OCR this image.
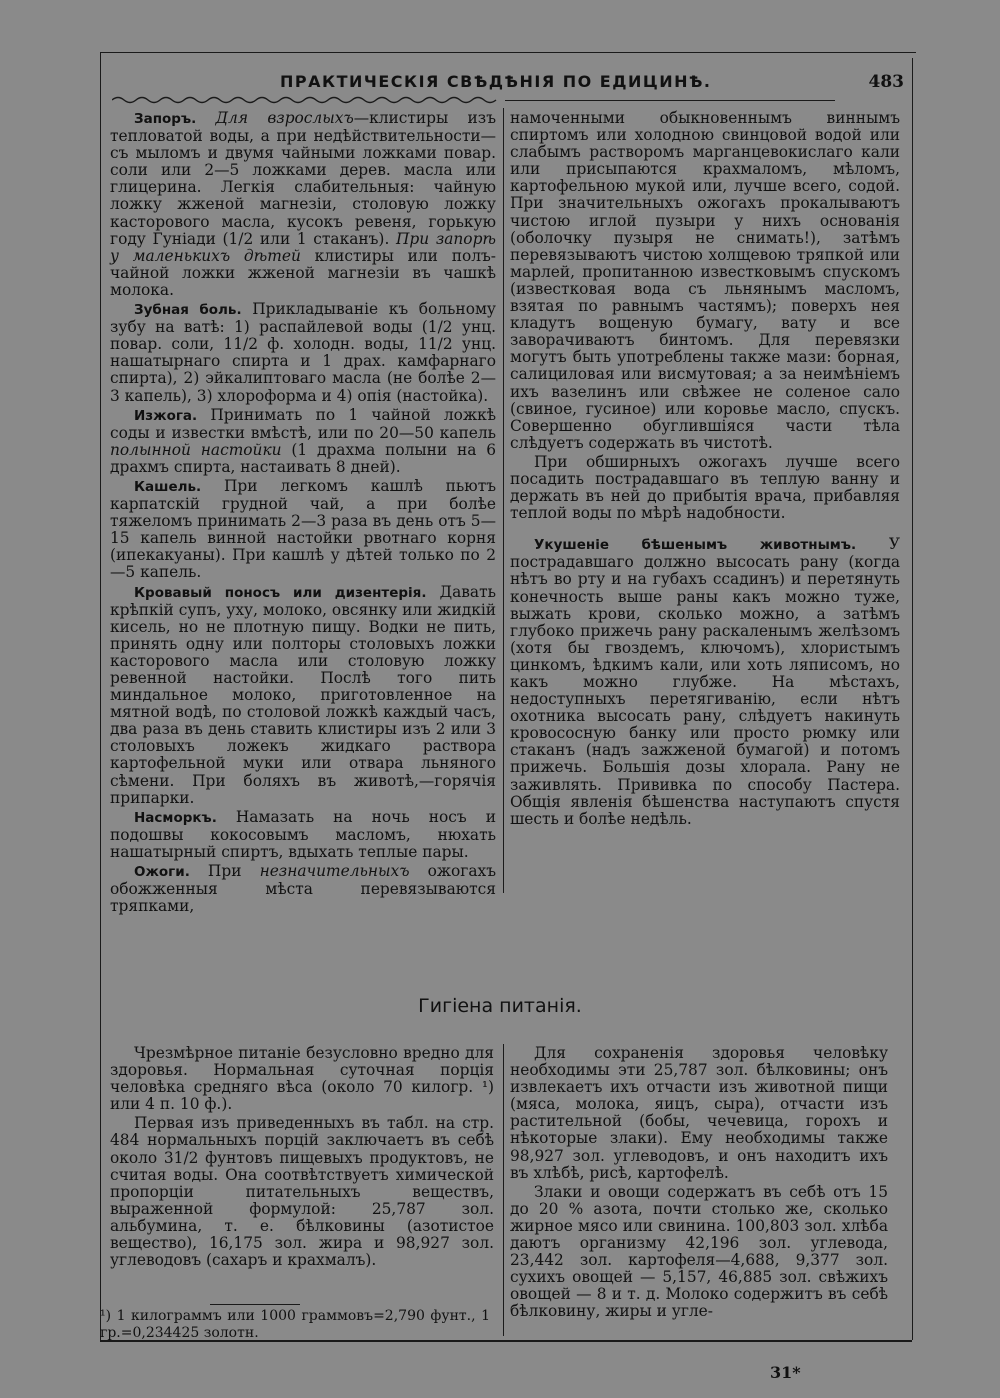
ПРАКТИЧЕСКІЯ СВѢДѢНІЯ ПО ЕДИЦИНѢ.	483

Запоръ. Для взрослыхъ—клистиры изъ тепловатой воды, а при недѣйствительности—съ мыломъ и двумя чайными ложками повар. соли или 2—5 ложками дерев. масла или глицерина. Легкія слабительныя: чайную ложку жженой магнезіи, столовую ложку касторового масла, кусокъ ревеня, горькую году Гуніади (1/2 или 1 стаканъ). При запорѣ у маленькихъ дѣтей клистиры или полъ-чайной ложки жженой магнезіи въ чашкѣ молока.

Зубная боль. Прикладываніе къ больному зубу на ватѣ: 1) распайлевой воды (1/2 унц. повар. соли, 11/2 ф. холодн. воды, 11/2 унц. нашатырнаго спирта и 1 драх. камфарнаго спирта), 2) эйкалиптоваго масла (не болѣе 2—3 капель), 3) хлороформа и 4) опія (настойка).

Изжога. Принимать по 1 чайной ложкѣ соды и известки вмѣстѣ, или по 20—50 капель полынной настойки (1 драхма полыни на 6 драхмъ спирта, настаивать 8 дней).

Кашель. При легкомъ кашлѣ пьютъ карпатскій грудной чай, а при болѣе тяжеломъ принимать 2—3 раза въ день отъ 5—15 капель винной настойки рвотнаго корня (ипекакуаны). При кашлѣ у дѣтей только по 2—5 капель.

Кровавый поносъ или дизентерія. Давать крѣпкій супъ, уху, молоко, овсянку или жидкій кисель, но не плотную пищу. Водки не пить, принять одну или полторы столовыхъ ложки касторового масла или столовую ложку ревенной настойки. Послѣ того пить миндальное молоко, приготовленное на мятной водѣ, по столовой ложкѣ каждый часъ, два раза въ день ставить клистиры изъ 2 или 3 столовыхъ ложекъ жидкаго раствора картофельной муки или отвара льняного сѣмени. При боляхъ въ животѣ,—горячія припарки.

Насморкъ. Намазать на ночь носъ и подошвы кокосовымъ масломъ, нюхать нашатырный спиртъ, вдыхать теплые пары.

Ожоги. При незначительныхъ ожогахъ обожженныя мѣста перевязываются тряпками,

намоченными обыкновеннымъ виннымъ спиртомъ или холодною свинцовой водой или слабымъ растворомъ марганцевокислаго кали или присыпаются крахмаломъ, мѣломъ, картофельною мукой или, лучше всего, содой. При значительныхъ ожогахъ прокалываютъ чистою иглой пузыри у нихъ основанія (оболочку пузыря не снимать!), затѣмъ перевязываютъ чистою холщевою тряпкой или марлей, пропитанною известковымъ спускомъ (известковая вода съ льнянымъ масломъ, взятая по равнымъ частямъ); поверхъ нея кладутъ вощеную бумагу, вату и все заворачиваютъ бинтомъ. Для перевязки могутъ быть употреблены также мази: борная, салициловая или висмутовая; а за неимѣніемъ ихъ вазелинъ или свѣжее не соленое сало (свиное, гусиное) или коровье масло, спускъ. Совершенно обуглившіяся части тѣла слѣдуетъ содержать въ чистотѣ.

При обширныхъ ожогахъ лучше всего посадить пострадавшаго въ теплую ванну и держать въ ней до прибытія врача, прибавляя теплой воды по мѣрѣ надобности.

Укушеніе бѣшенымъ животнымъ. У пострадавшаго должно высосать рану (когда нѣтъ во рту и на губахъ ссадинъ) и перетянуть конечность выше раны какъ можно туже, выжать крови, сколько можно, а затѣмъ глубоко прижечь рану раскаленымъ желѣзомъ (хотя бы гвоздемъ, ключомъ), хлористымъ цинкомъ, ѣдкимъ кали, или хоть ляписомъ, но какъ можно глубже. На мѣстахъ, недоступныхъ перетягиванію, если нѣтъ охотника высосать рану, слѣдуетъ накинуть кровососную банку или просто рюмку или стаканъ (надъ зажженой бумагой) и потомъ прижечь. Большія дозы хлорала. Рану не заживлять. Прививка по способу Пастера. Общія явленія бѣшенства наступаютъ спустя шесть и болѣе недѣль.

Гигіена питанія.

Чрезмѣрное питаніе безусловно вредно для здоровья. Нормальная суточная порція человѣка средняго вѣса (около 70 килогр. ¹) или 4 п. 10 ф.).

Первая изъ приведенныхъ въ табл. на стр. 484 нормальныхъ порцій заключаетъ въ себѣ около 31/2 фунтовъ пищевыхъ продуктовъ, не считая воды. Она соотвѣтствуетъ химической пропорціи питательныхъ веществъ, выраженной формулой: 25,787 зол. альбумина, т. е. бѣлковины (азотистое вещество), 16,175 зол. жира и 98,927 зол. углеводовъ (сахаръ и крахмалъ).

Для сохраненія здоровья человѣку необходимы эти 25,787 зол. бѣлковины; онъ извлекаетъ ихъ отчасти изъ животной пищи (мяса, молока, яицъ, сыра), отчасти изъ растительной (бобы, чечевица, горохъ и нѣкоторые злаки). Ему необходимы также 98,927 зол. углеводовъ, и онъ находитъ ихъ въ хлѣбѣ, рисѣ, картофелѣ.

Злаки и овощи содержатъ въ себѣ отъ 15 до 20 % азота, почти столько же, сколько жирное мясо или свинина. 100,803 зол. хлѣба даютъ организму 42,196 зол. углевода, 23,442 зол. картофеля—4,688, 9,377 зол. сухихъ овощей — 5,157, 46,885 зол. свѣжихъ овощей — 8 и т. д. Молоко содержитъ въ себѣ бѣлковину, жиры и угле-

¹) 1 килограммъ или 1000 граммовъ=2,790 фунт., 1 гр.=0,234425 золотн.
31*
